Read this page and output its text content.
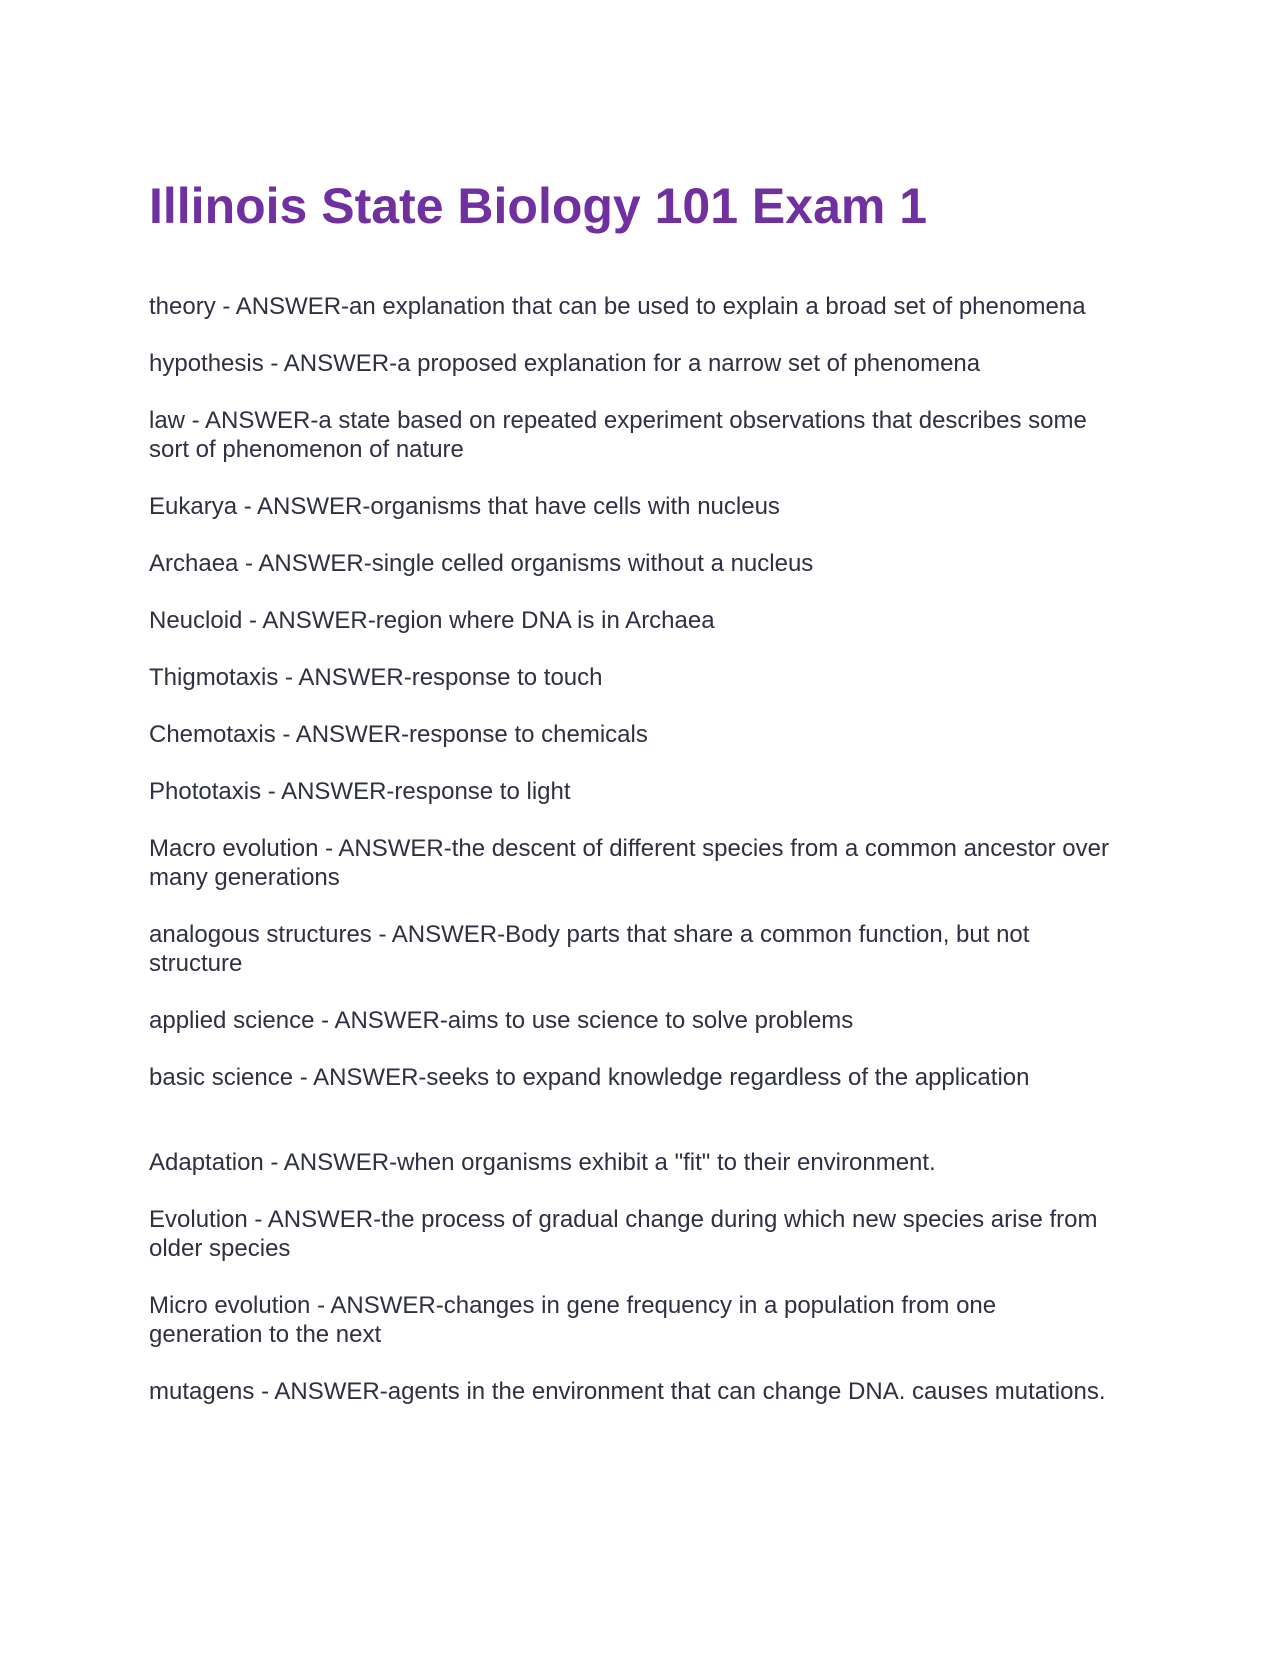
Illinois State Biology 101 Exam 1
theory - ANSWER-an explanation that can be used to explain a broad set of phenomena
hypothesis - ANSWER-a proposed explanation for a narrow set of phenomena
law - ANSWER-a state based on repeated experiment observations that describes some sort of phenomenon of nature
Eukarya - ANSWER-organisms that have cells with nucleus
Archaea - ANSWER-single celled organisms without a nucleus
Neucloid - ANSWER-region where DNA is in Archaea
Thigmotaxis - ANSWER-response to touch
Chemotaxis - ANSWER-response to chemicals
Phototaxis - ANSWER-response to light
Macro evolution - ANSWER-the descent of different species from a common ancestor over many generations
analogous structures - ANSWER-Body parts that share a common function, but not structure
applied science - ANSWER-aims to use science to solve problems
basic science - ANSWER-seeks to expand knowledge regardless of the application
Adaptation - ANSWER-when organisms exhibit a "fit" to their environment.
Evolution - ANSWER-the process of gradual change during which new species arise from older species
Micro evolution - ANSWER-changes in gene frequency in a population from one generation to the next
mutagens - ANSWER-agents in the environment that can change DNA. causes mutations.
